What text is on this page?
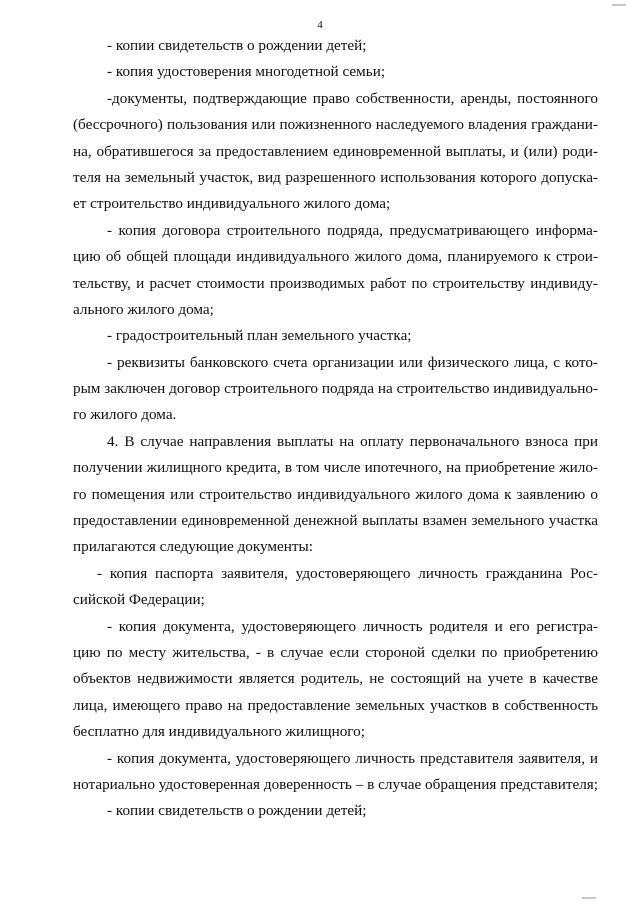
4
- копии свидетельств о рождении детей;
- копия удостоверения многодетной семьи;
-документы, подтверждающие право собственности, аренды, постоянного
(бессрочного) пользования или пожизненного наследуемого владения граждани-
на, обратившегося за предоставлением единовременной выплаты, и (или) роди-
теля на земельный участок, вид разрешенного использования которого допуска-
ет строительство индивидуального жилого дома;
- копия договора строительного подряда, предусматривающего информа-
цию об общей площади индивидуального жилого дома, планируемого к строи-
тельству, и расчет стоимости производимых работ по строительству индивиду-
ального жилого дома;
- градостроительный план земельного участка;
- реквизиты банковского счета организации или физического лица, с кото-
рым заключен договор строительного подряда на строительство индивидуально-
го жилого дома.
4. В случае направления выплаты на оплату первоначального взноса при
получении жилищного кредита, в том числе ипотечного, на приобретение жило-
го помещения или строительство индивидуального жилого дома к заявлению о
предоставлении единовременной денежной выплаты взамен земельного участка
прилагаются следующие документы:
- копия паспорта заявителя, удостоверяющего личность гражданина Рос-
сийской Федерации;
- копия документа, удостоверяющего личность родителя и его регистра-
цию по месту жительства, - в случае если стороной сделки по приобретению
объектов недвижимости является родитель, не состоящий на учете в качестве
лица, имеющего право на предоставление земельных участков в собственность
бесплатно для индивидуального жилищного;
- копия документа, удостоверяющего личность представителя заявителя, и
нотариально удостоверенная доверенность – в случае обращения представителя;
- копии свидетельств о рождении детей;
